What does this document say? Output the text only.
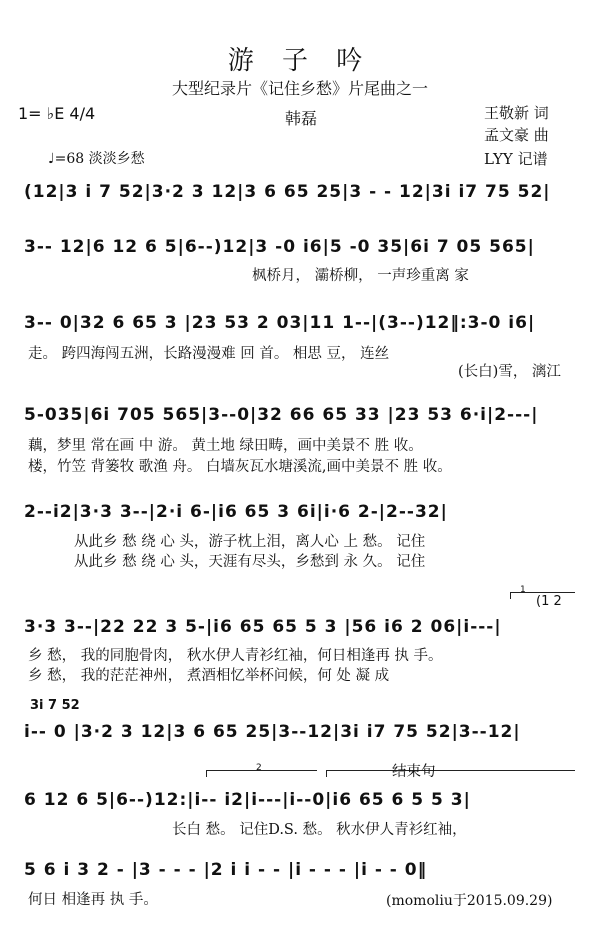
游 子 吟
大型纪录片《记住乡愁》片尾曲之一
1= ♭E 4/4	韩磊	王敬新 词
孟文豪 曲
LYY 记谱
♩=68 淡淡乡愁
(12|3 i 7 52|3·2 3 12|3 6 65 25|3 - - 12|3i i7 75 52|
3-- 12|6 12 6 5|6--)12|3 -0 i6|5 -0 35|6i 7 05 565|
枫桥月， 灞桥柳， 一声珍重离 家
3-- 0|32 6 65 3 |23 53 2 03|11 1--|(3--)12‖:3-0 i6|
走。 跨四海闯五洲，长路漫漫难 回 首。 相思 豆， 连丝
(长白)雪， 漓江
5-035|6i 705 565|3--0|32 66 65 33 |23 53 6·i|2---|
藕，梦里 常在画 中 游。 黄土地 绿田畴，画中美景不 胜 收。
楼，竹笠 背篓牧 歌渔 舟。 白墙灰瓦水塘溪流,画中美景不 胜 收。
2--i2|3·3 3--|2·i 6-|i6 65 3 6i|i·6 2-|2--32|
从此乡 愁 绕 心 头，游子枕上泪，离人心 上 愁。 记住
从此乡 愁 绕 心 头，天涯有尽头，乡愁到 永 久。 记住
(1 2
1
3·3 3--|22 22 3 5-|i6 65 65 5 3 |56 i6 2 06|i---|
乡 愁， 我的同胞骨肉， 秋水伊人青衫红袖，何日相逢再 执 手。
乡 愁， 我的茫茫神州， 煮酒相忆举杯问候，何 处 凝 成
3i 7 52
i-- 0 |3·2 3 12|3 6 65 25|3--12|3i i7 75 52|3--12|
2	结束句
6 12 6 5|6--)12:|i-- i2|i---|i--0|i6 65 6 5 5 3|
长白 愁。 记住D.S. 愁。 秋水伊人青衫红袖，
5 6 i 3 2 - |3 - - - |2 i i - - |i - - - |i - - 0‖
何日 相逢再 执 手。	(momoliu于2015.09.29)
